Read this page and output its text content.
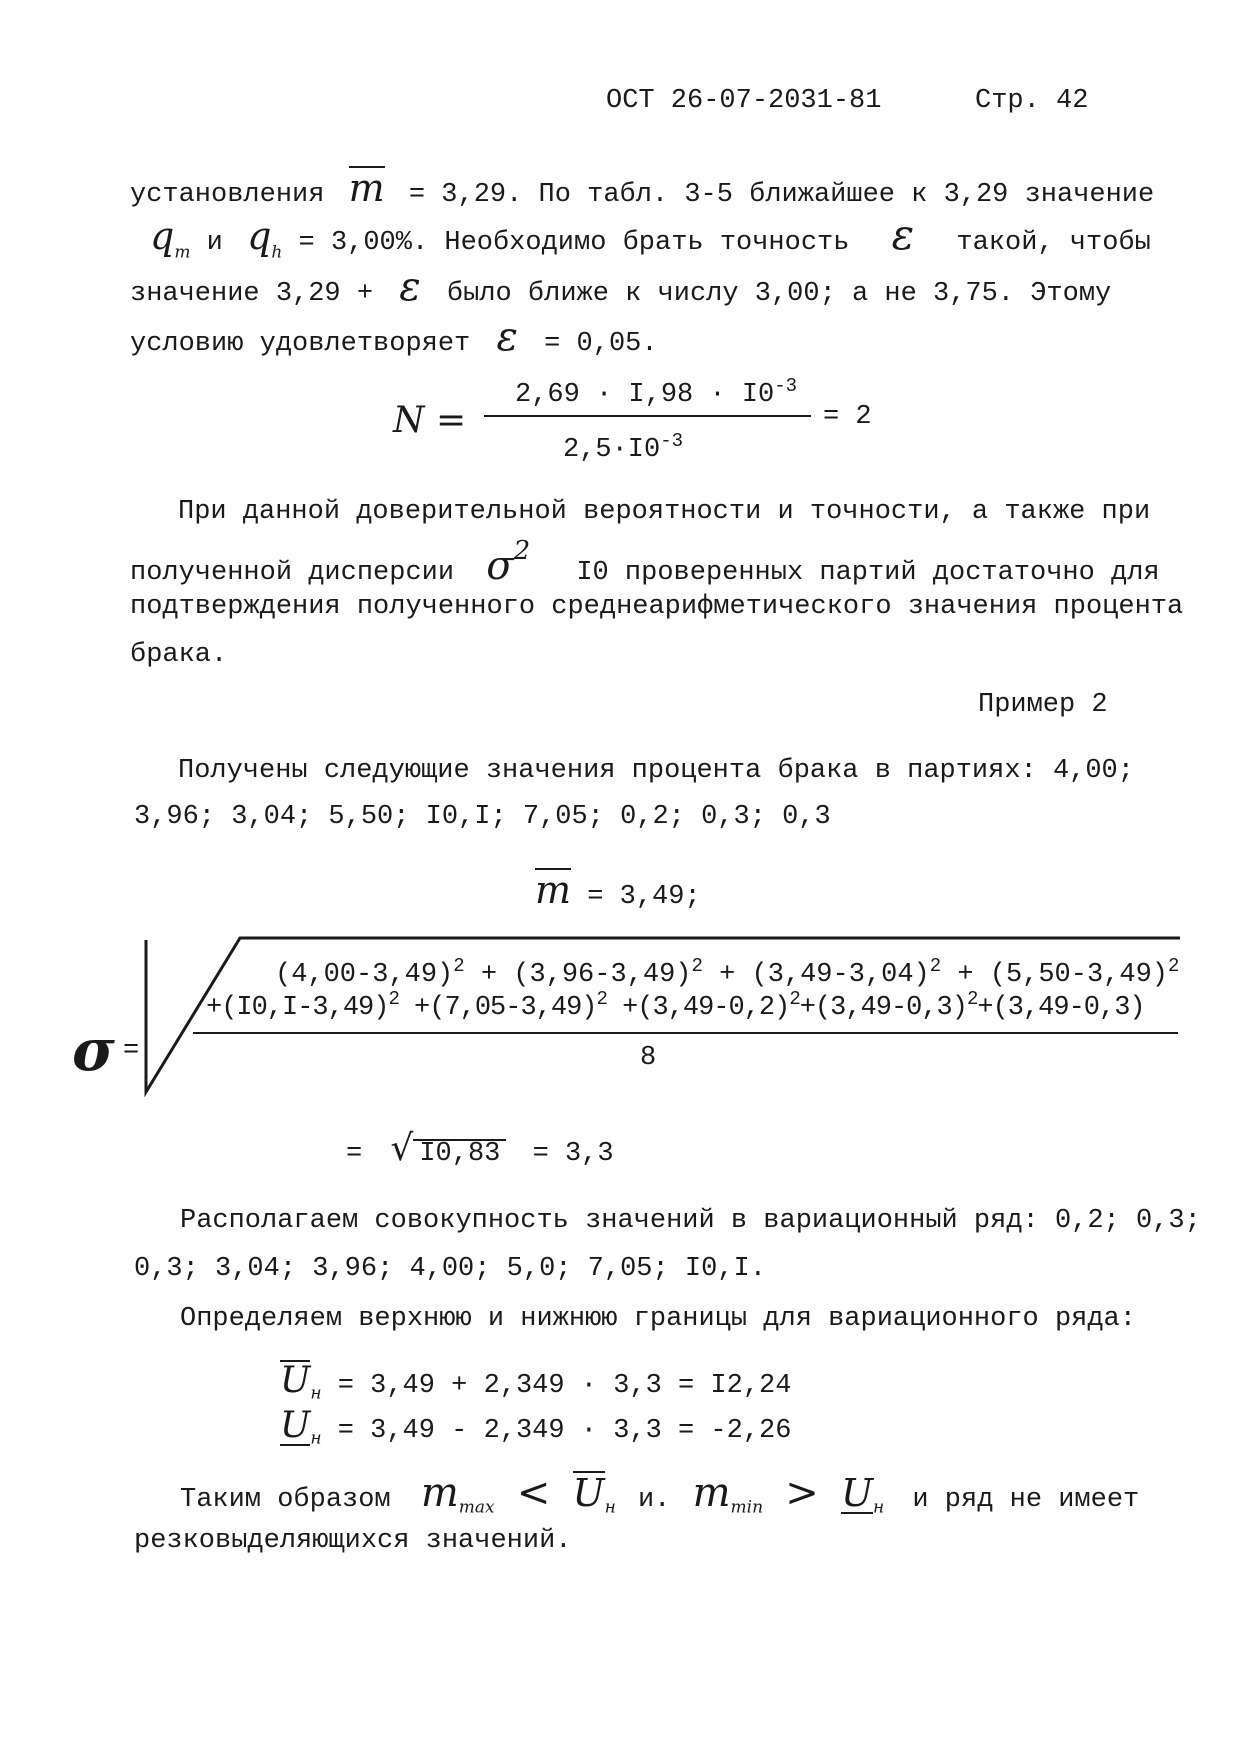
ОСТ 26-07-2031-81	Стр. 42
установления m = 3,29. По табл. 3-5 ближайшее к 3,29 значение
$q_m$ и $q_h = 3,00\%$. Необходимо брать точность ε такой, чтобы
значение 3,29 + ε было ближе к числу 3,00; а не 3,75. Этому
условию удовлетворяет ε = 0,05.
N =
$2,69 \cdot I,98 \cdot I0^{-3}$
$2,5\cdot I0^{-3}$
= 2
При данной доверительной вероятности и точности, а также при
полученной дисперсии $\sigma^2$ I0 проверенных партий достаточно для
подтверждения полученного среднеарифметического значения процента
брака.
Пример 2
Получены следующие значения процента брака в партиях: 4,00;
3,96; 3,04; 5,50; I0,I; 7,05; 0,2; 0,3; 0,3
m = 3,49;
σ =
$(4,00-3,49)^2 + (3,96-3,49)^2 + (3,49-3,04)^2 + (5,50-3,49)^2$
$+(I0,I-3,49)^2 +(7,05-3,49)^2 +(3,49-0,2)^2+(3,49-0,3)^2+(3,49-0,3)$
8
= √ I0,83 = 3,3
Располагаем совокупность значений в вариационный ряд: 0,2; 0,3;
0,3; 3,04; 3,96; 4,00; 5,0; 7,05; I0,I.
Определяем верхнюю и нижнюю границы для вариационного ряда:
$U_н = 3,49 + 2,349 \cdot 3,3 = I2,24$
$U_н = 3,49 - 2,349 \cdot 3,3 = -2,26$
Таким образом $m_{max} < U_н$ и. $m_{min} > U_н$ и ряд не имеет
резковыделяющихся значений.
